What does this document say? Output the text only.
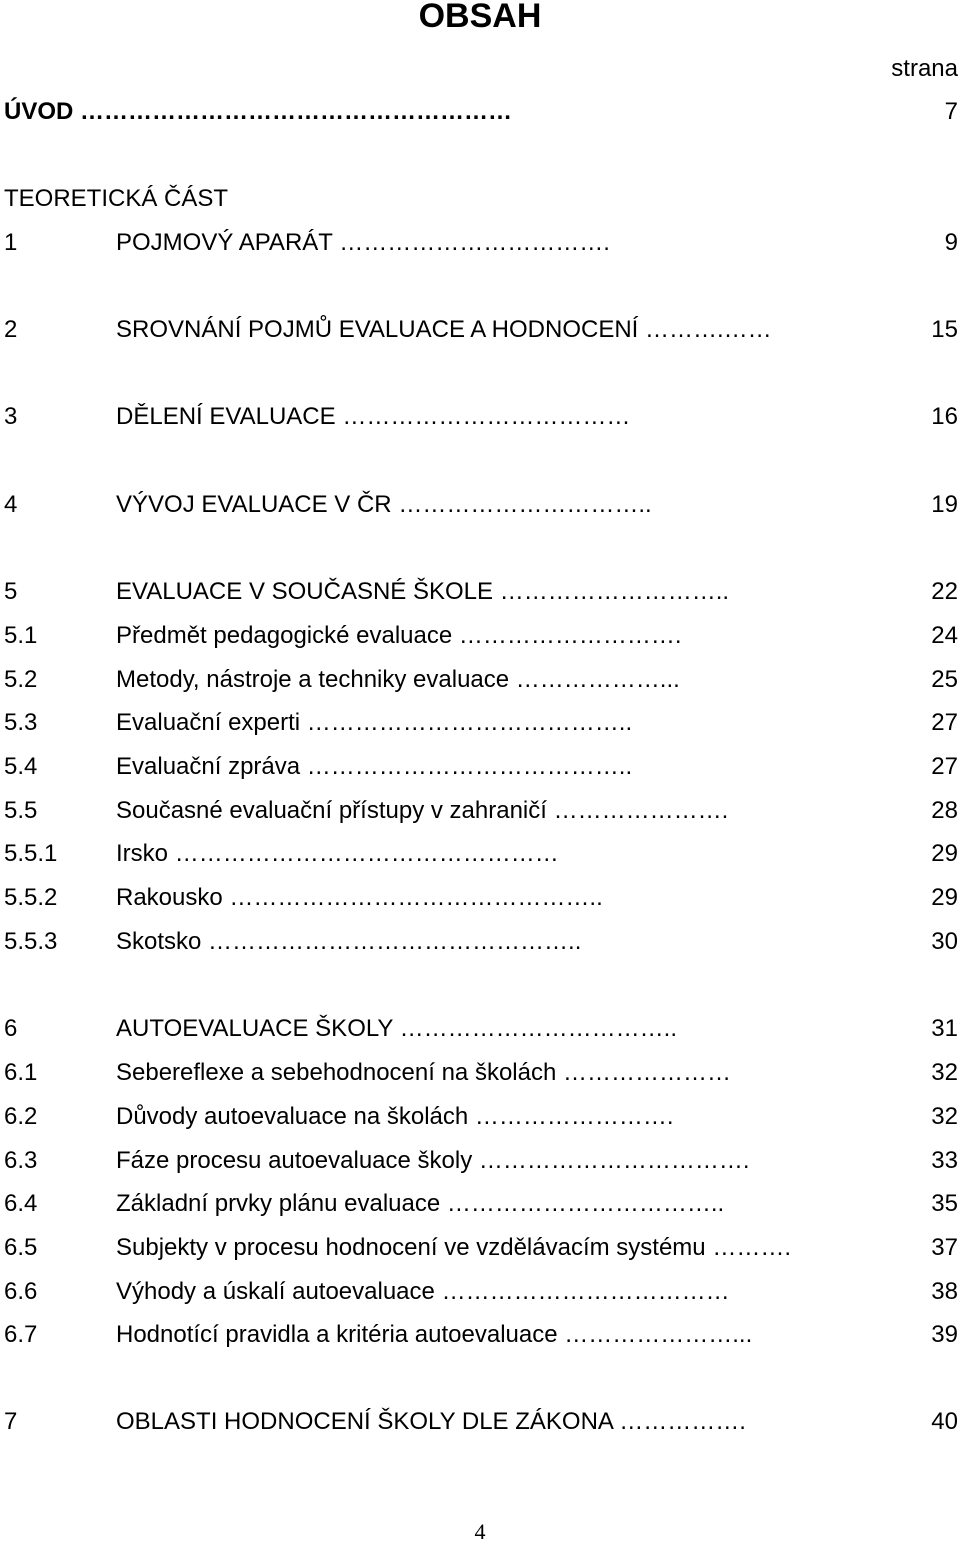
OBSAH
strana
ÚVOD ………………………………………………	7
TEORETICKÁ ČÁST
1	POJMOVÝ APARÁT …………………………….	9
2	SROVNÁNÍ POJMŮ EVALUACE A HODNOCENÍ ……….……	15
3	DĚLENÍ EVALUACE ………………………………	16
4	VÝVOJ EVALUACE V ČR …………………………..	19
5	EVALUACE V SOUČASNÉ ŠKOLE ………………………..	22
5.1	Předmět pedagogické evaluace ……………………….	24
5.2	Metody, nástroje a techniky evaluace ………………...	25
5.3	Evaluační experti …………………………………..	27
5.4	Evaluační zpráva …………………………………..	27
5.5	Současné evaluační přístupy v zahraničí ………………….	28
5.5.1 Irsko …………………………………………	29
5.5.2 Rakousko ………………………………………..	29
5.5.3 Skotsko ………………………………………..	30
6	AUTOEVALUACE ŠKOLY ……………………………..	31
6.1	Sebereflexe a sebehodnocení na školách …………………	32
6.2	Důvody autoevaluace na školách …………………….	32
6.3	Fáze procesu autoevaluace školy …………………………….	33
6.4	Základní prvky plánu evaluace ……………………………..	35
6.5	Subjekty v procesu hodnocení ve vzdělávacím systému ……….	37
6.6	Výhody a úskalí autoevaluace ………………………………	38
6.7	Hodnotící pravidla a kritéria autoevaluace …………………...	39
7	OBLASTI HODNOCENÍ ŠKOLY DLE ZÁKONA …………….	40
4
